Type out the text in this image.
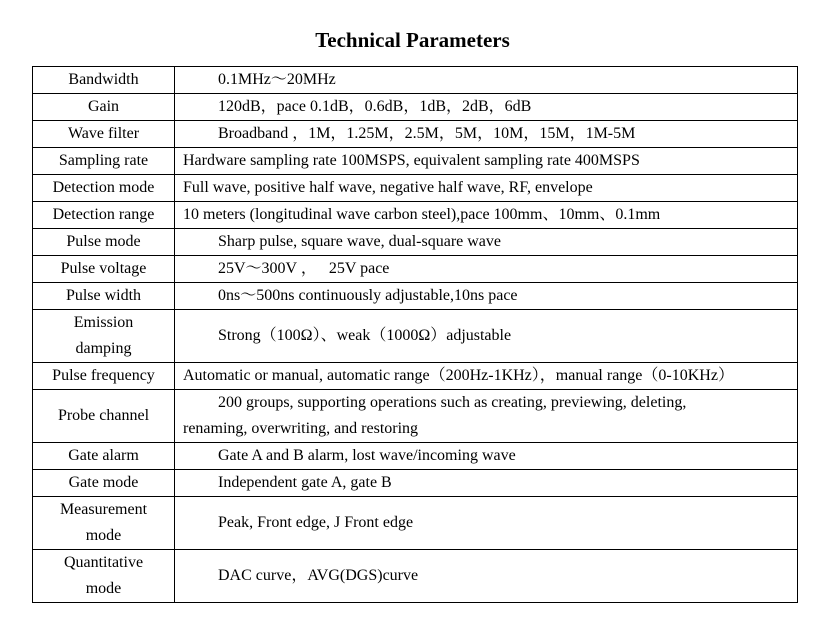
Technical Parameters
Bandwidth	0.1MHz～20MHz
Gain	120dB，pace 0.1dB，0.6dB，1dB，2dB，6dB
Wave filter	Broadband ，1M，1.25M，2.5M，5M，10M，15M，1M-5M
Sampling rate	Hardware sampling rate 100MSPS, equivalent sampling rate 400MSPS
Detection mode	Full wave, positive half wave, negative half wave, RF, envelope
Detection range	10 meters (longitudinal wave carbon steel),pace 100mm、10mm、0.1mm
Pulse mode	Sharp pulse, square wave, dual-square wave
Pulse voltage	25V～300V ，   25V pace
Pulse width	0ns～500ns continuously adjustable,10ns pace

Emission
damping	Strong（100Ω）、weak（1000Ω）adjustable
Pulse frequency	Automatic or manual, automatic range（200Hz-1KHz），manual range（0-10KHz）
Probe channel	200 groups, supporting operations such as creating, previewing, deleting,
renaming, overwriting, and restoring
Gate alarm	Gate A and B alarm, lost wave/incoming wave
Gate mode	Independent gate A, gate B

Measurement
mode	Peak, Front edge, J Front edge

Quantitative
mode	DAC curve，AVG(DGS)curve
